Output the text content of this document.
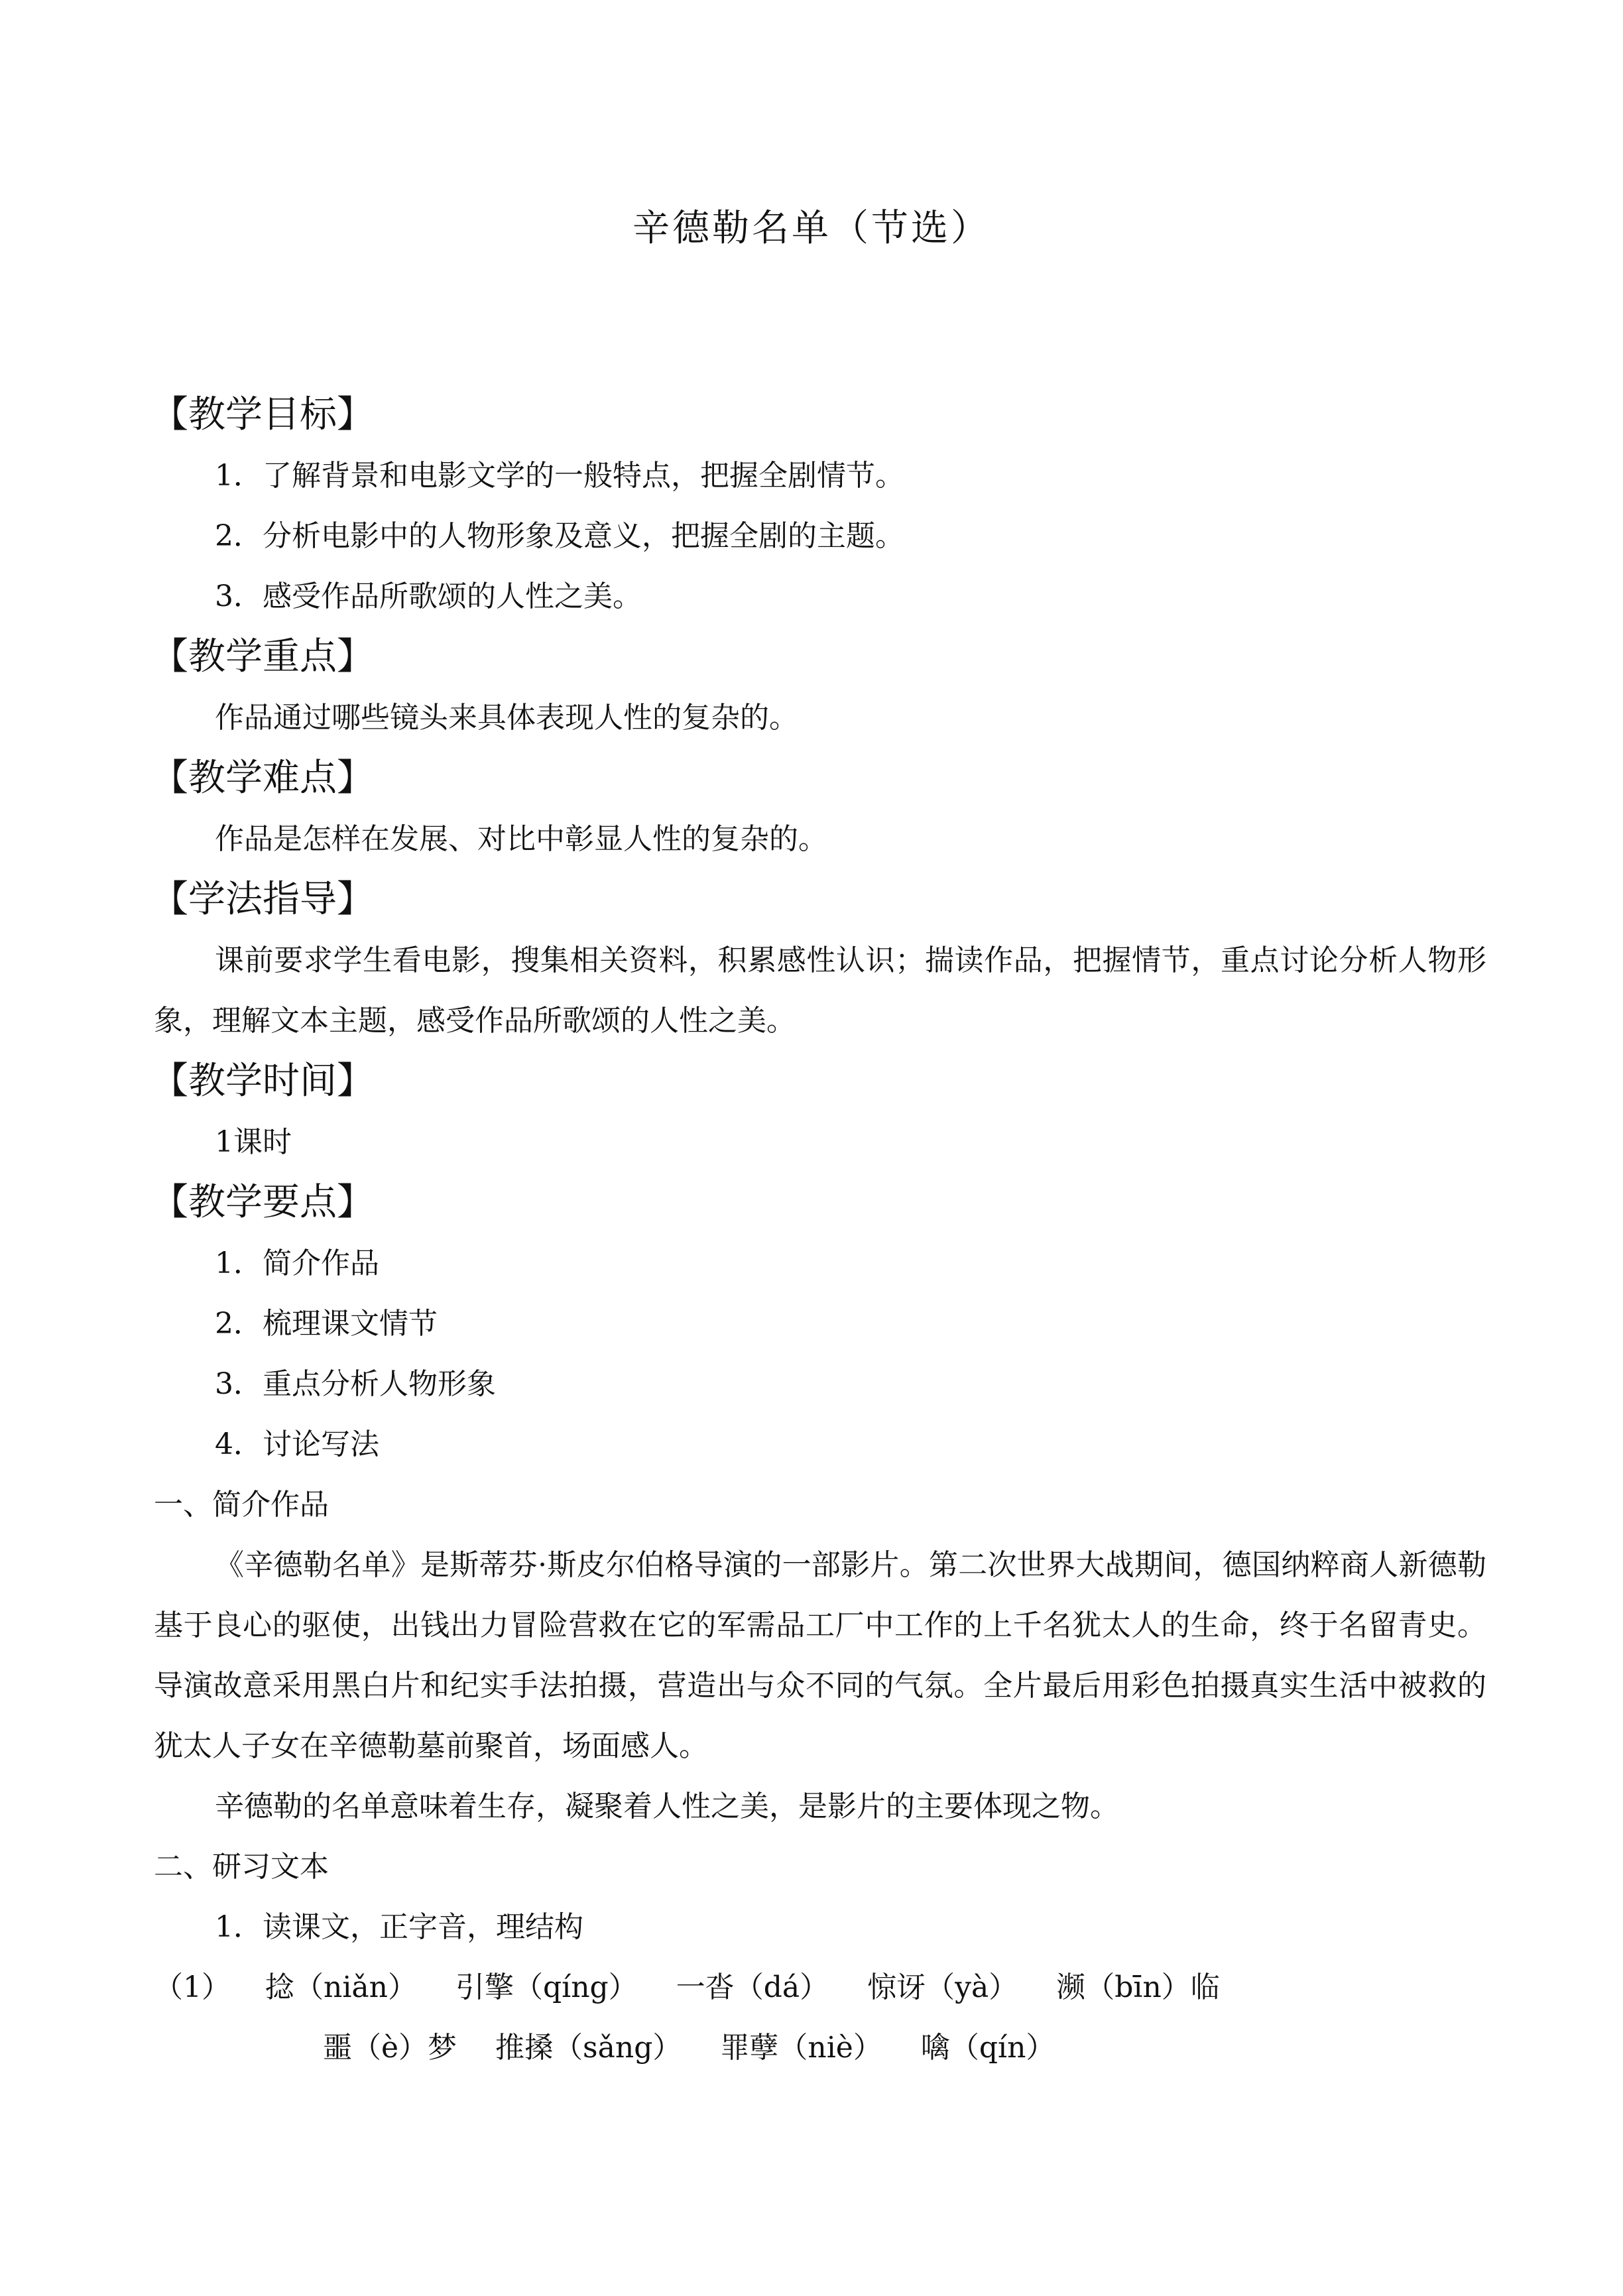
辛德勒名单（节选）
【教学目标】
1．了解背景和电影文学的一般特点，把握全剧情节。
2．分析电影中的人物形象及意义，把握全剧的主题。
3．感受作品所歌颂的人性之美。
【教学重点】
作品通过哪些镜头来具体表现人性的复杂的。
【教学难点】
作品是怎样在发展、对比中彰显人性的复杂的。
【学法指导】

课前要求学生看电影，搜集相关资料，积累感性认识；揣读作品，把握情节，重点讨论分析人物形象，理解文本主题，感受作品所歌颂的人性之美。

【教学时间】
1课时
【教学要点】
1．简介作品
2．梳理课文情节
3．重点分析人物形象
4．讨论写法
一、简介作品

《辛德勒名单》是斯蒂芬·斯皮尔伯格导演的一部影片。第二次世界大战期间，德国纳粹商人新德勒基于良心的驱使，出钱出力冒险营救在它的军需品工厂中工作的上千名犹太人的生命，终于名留青史。导演故意采用黑白片和纪实手法拍摄，营造出与众不同的气氛。全片最后用彩色拍摄真实生活中被救的犹太人子女在辛德勒墓前聚首，场面感人。

辛德勒的名单意味着生存，凝聚着人性之美，是影片的主要体现之物。

二、研习文本
1．读课文，正字音，理结构
（1） 捻（niǎn） 引擎（qíng） 一沓（dá） 惊讶（yà） 濒（bīn）临
噩（è）梦 推搡（sǎng） 罪孽（niè） 噙（qín）
